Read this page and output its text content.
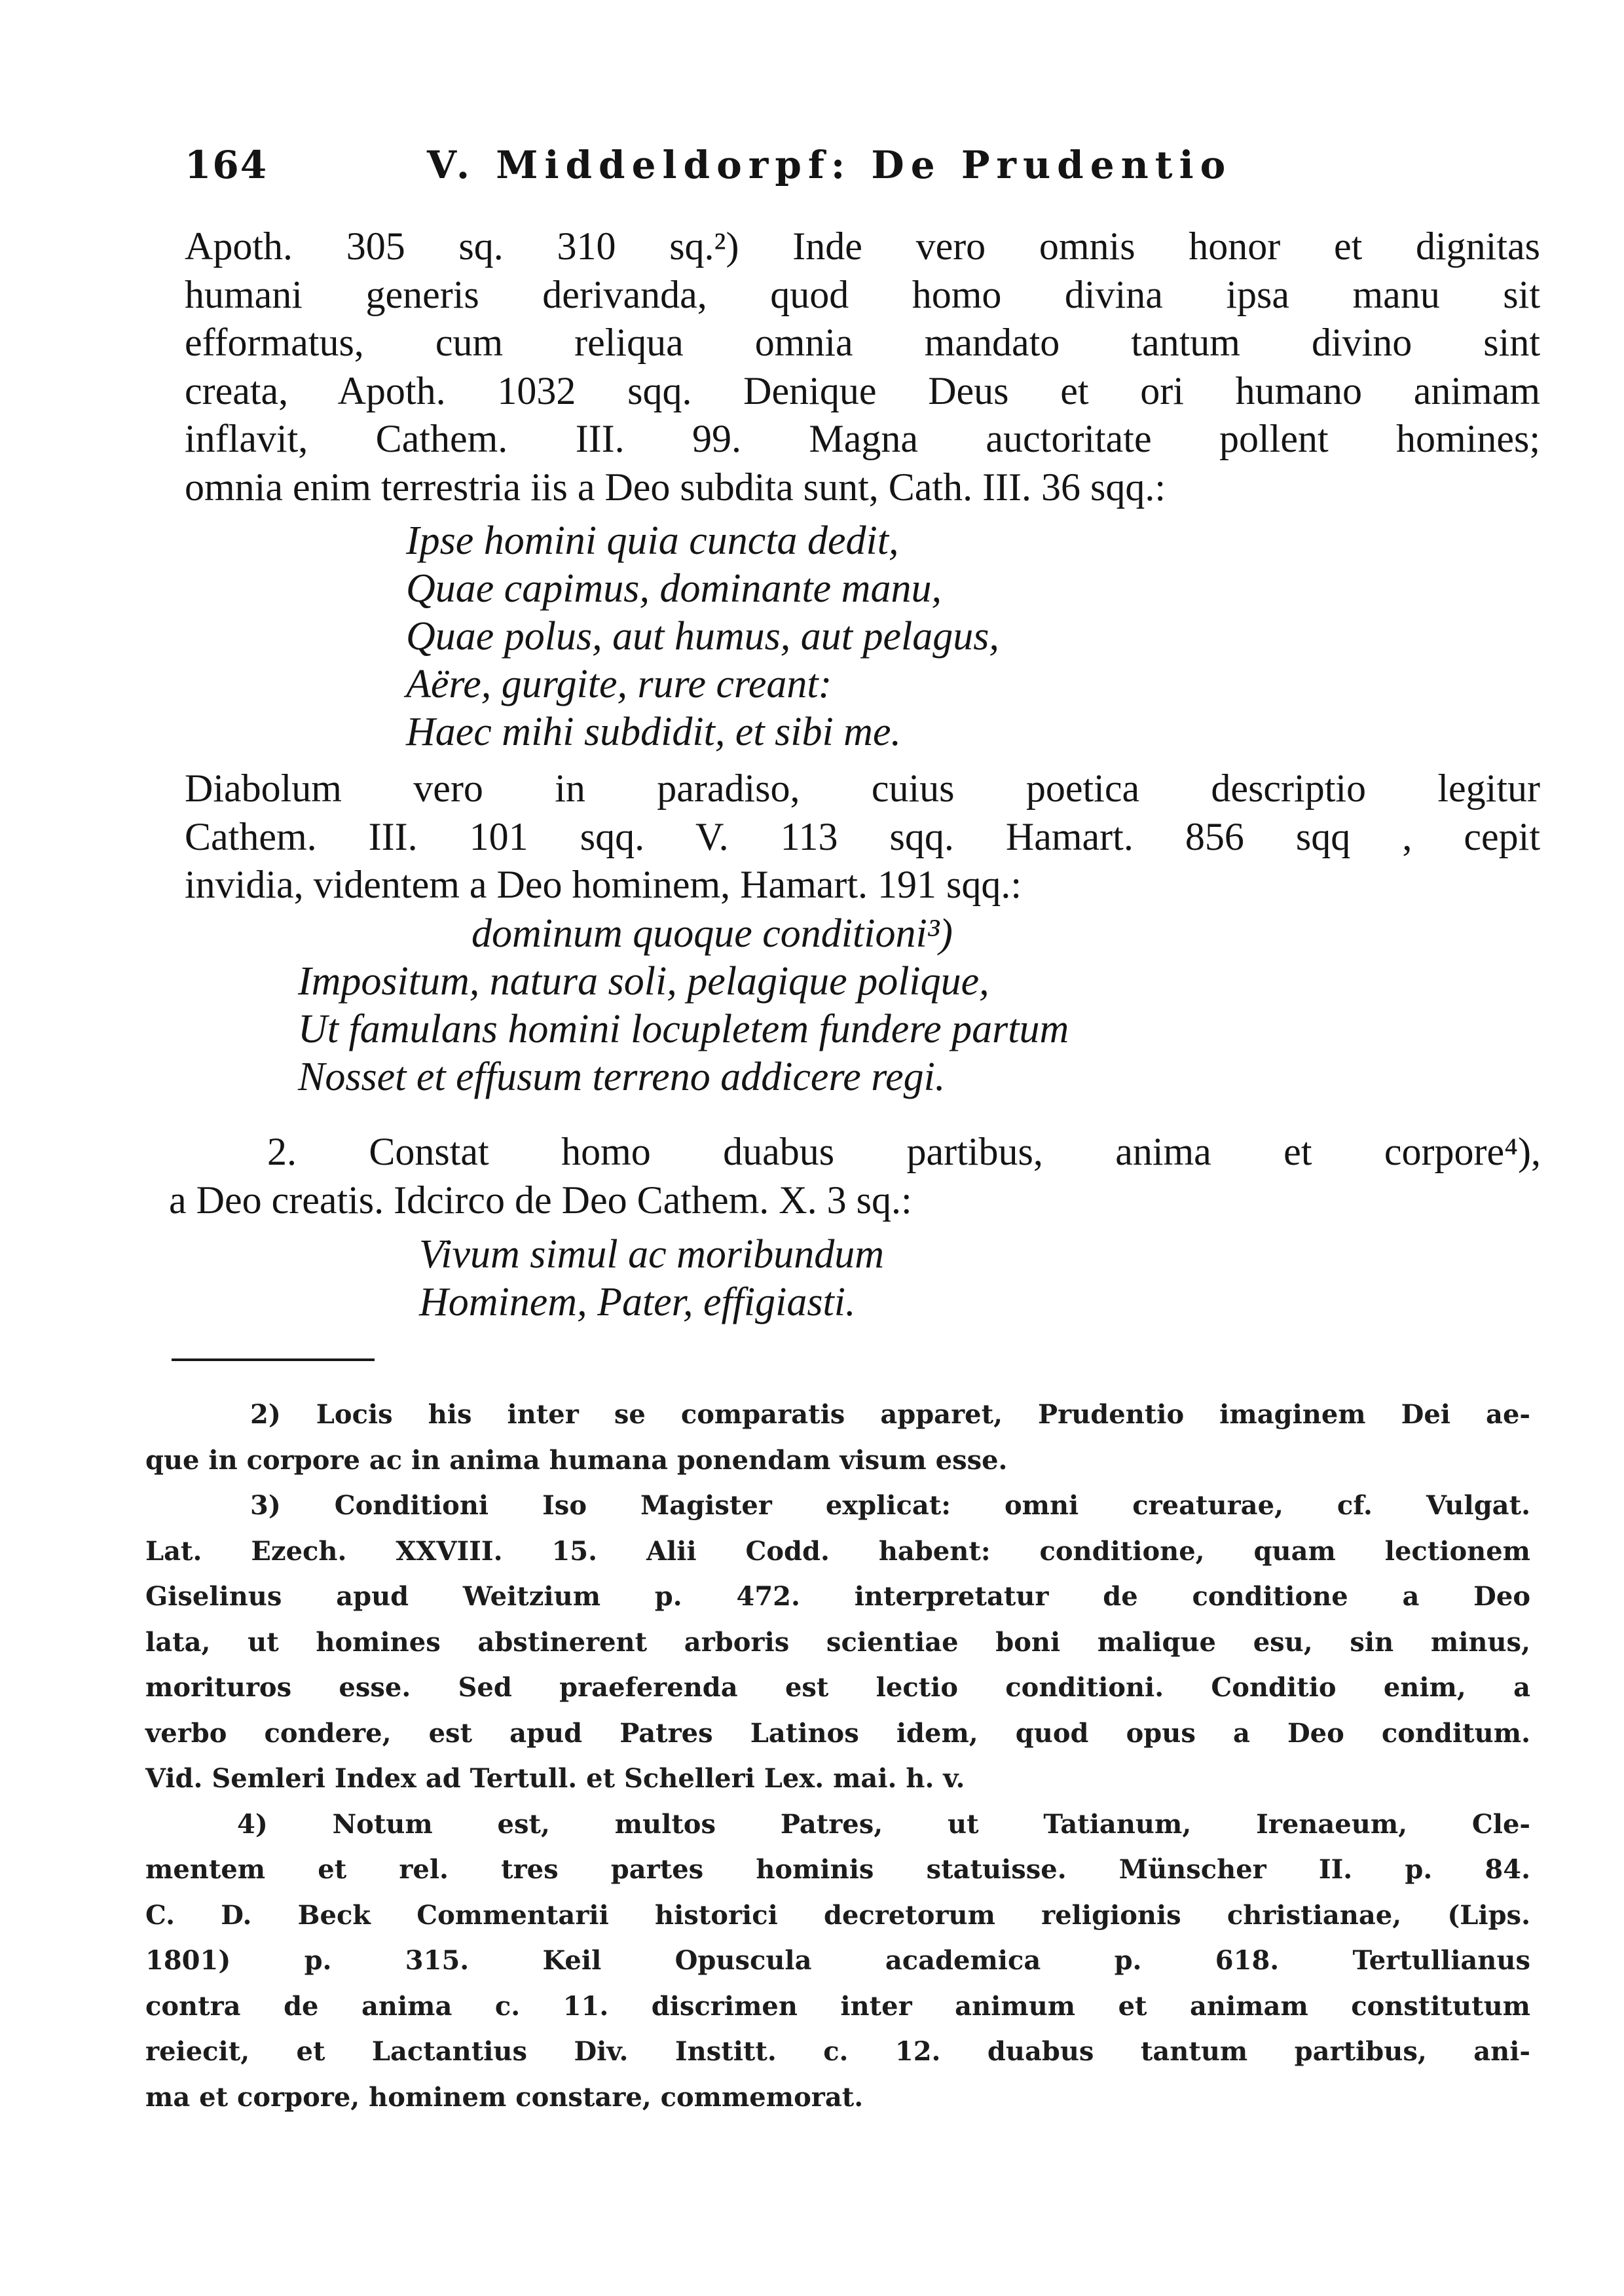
164	V. Middeldorpf: De Prudentio

Apoth. 305 sq. 310 sq.²) Inde vero omnis honor et dignitas

humani generis derivanda, quod homo divina ipsa manu sit

efformatus, cum reliqua omnia mandato tantum divino sint

creata, Apoth. 1032 sqq. Denique Deus et ori humano animam

inflavit, Cathem. III. 99. Magna auctoritate pollent homines;

omnia enim terrestria iis a Deo subdita sunt, Cath. III. 36 sqq.:

Ipse homini quia cuncta dedit,
Quae capimus, dominante manu,
Quae polus, aut humus, aut pelagus,
Aëre, gurgite, rure creant:
Haec mihi subdidit, et sibi me.

Diabolum vero in paradiso, cuius poetica descriptio legitur

Cathem. III. 101 sqq. V. 113 sqq. Hamart. 856 sqq , cepit

invidia, videntem a Deo hominem, Hamart. 191 sqq.:

dominum quoque conditioni³)
Impositum, natura soli, pelagique polique,
Ut famulans homini locupletem fundere partum
Nosset et effusum terreno addicere regi.

2. Constat homo duabus partibus, anima et corpore⁴),

a Deo creatis. Idcirco de Deo Cathem. X. 3 sq.:

Vivum simul ac moribundum
Hominem, Pater, effigiasti.

2) Locis his inter se comparatis apparet, Prudentio imaginem Dei ae-

que in corpore ac in anima humana ponendam visum esse.

3) Conditioni Iso Magister explicat: omni creaturae, cf. Vulgat.

Lat. Ezech. XXVIII. 15. Alii Codd. habent: conditione, quam lectionem

Giselinus apud Weitzium p. 472. interpretatur de conditione a Deo

lata, ut homines abstinerent arboris scientiae boni malique esu, sin minus,

morituros esse. Sed praeferenda est lectio conditioni. Conditio enim, a

verbo condere, est apud Patres Latinos idem, quod opus a Deo conditum.

Vid. Semleri Index ad Tertull. et Schelleri Lex. mai. h. v.

4) Notum est, multos Patres, ut Tatianum, Irenaeum, Cle-

mentem et rel. tres partes hominis statuisse. Münscher II. p. 84.

C. D. Beck Commentarii historici decretorum religionis christianae, (Lips.

1801) p. 315. Keil Opuscula academica p. 618. Tertullianus

contra de anima c. 11. discrimen inter animum et animam constitutum

reiecit, et Lactantius Div. Institt. c. 12. duabus tantum partibus, ani-

ma et corpore, hominem constare, commemorat.
